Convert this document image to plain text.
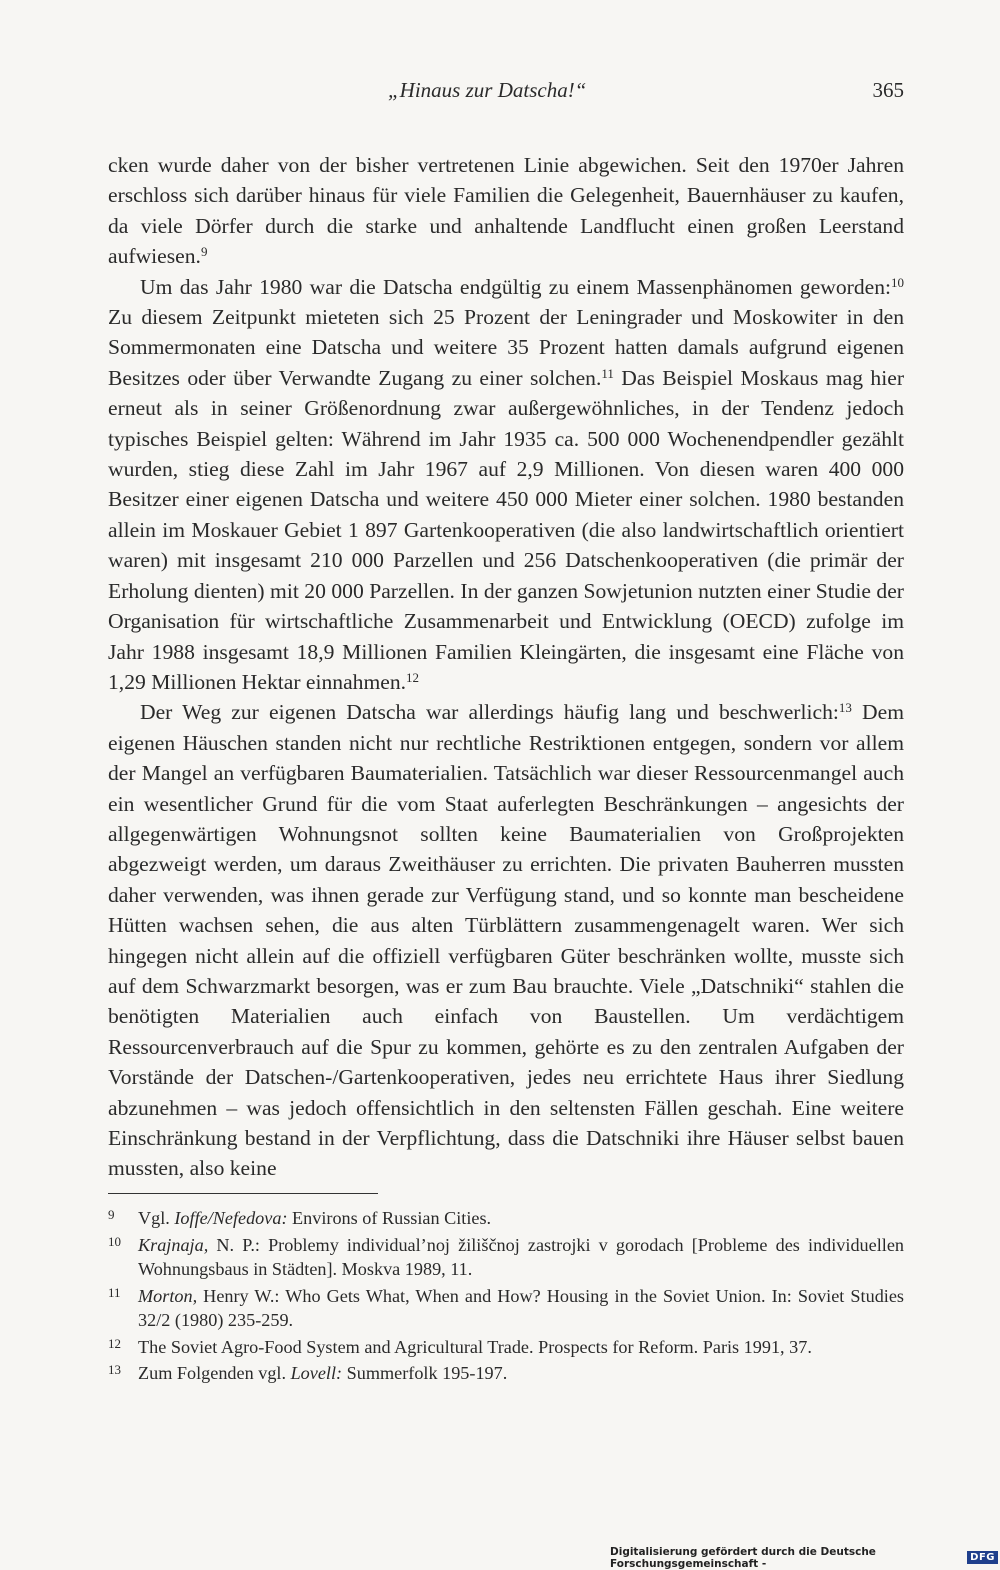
„Hinaus zur Datscha!“	365

cken wurde daher von der bisher vertretenen Linie abgewichen. Seit den 1970er Jahren erschloss sich darüber hinaus für viele Familien die Gelegenheit, Bauernhäuser zu kaufen, da viele Dörfer durch die starke und anhaltende Landflucht einen großen Leerstand aufwiesen.$^9$

Um das Jahr 1980 war die Datscha endgültig zu einem Massenphänomen geworden:$^{10}$ Zu diesem Zeitpunkt mieteten sich 25 Prozent der Leningrader und Moskowiter in den Sommermonaten eine Datscha und weitere 35 Prozent hatten damals aufgrund eigenen Besitzes oder über Verwandte Zugang zu einer solchen.$^{11}$ Das Beispiel Moskaus mag hier erneut als in seiner Größenordnung zwar außergewöhnliches, in der Tendenz jedoch typisches Beispiel gelten: Während im Jahr 1935 ca. 500 000 Wochenendpendler gezählt wurden, stieg diese Zahl im Jahr 1967 auf 2,9 Millionen. Von diesen waren 400 000 Besitzer einer eigenen Datscha und weitere 450 000 Mieter einer solchen. 1980 bestanden allein im Moskauer Gebiet 1 897 Gartenkooperativen (die also landwirtschaftlich orientiert waren) mit insgesamt 210 000 Parzellen und 256 Datschenkooperativen (die primär der Erholung dienten) mit 20 000 Parzellen. In der ganzen Sowjetunion nutzten einer Studie der Organisation für wirtschaftliche Zusammenarbeit und Entwicklung (OECD) zufolge im Jahr 1988 insgesamt 18,9 Millionen Familien Kleingärten, die insgesamt eine Fläche von 1,29 Millionen Hektar einnahmen.$^{12}$

Der Weg zur eigenen Datscha war allerdings häufig lang und beschwerlich:$^{13}$ Dem eigenen Häuschen standen nicht nur rechtliche Restriktionen entgegen, sondern vor allem der Mangel an verfügbaren Baumaterialien. Tatsächlich war dieser Ressourcenmangel auch ein wesentlicher Grund für die vom Staat auferlegten Beschränkungen – angesichts der allgegenwärtigen Wohnungsnot sollten keine Baumaterialien von Großprojekten abgezweigt werden, um daraus Zweithäuser zu errichten. Die privaten Bauherren mussten daher verwenden, was ihnen gerade zur Verfügung stand, und so konnte man bescheidene Hütten wachsen sehen, die aus alten Türblättern zusammengenagelt waren. Wer sich hingegen nicht allein auf die offiziell verfügbaren Güter beschränken wollte, musste sich auf dem Schwarzmarkt besorgen, was er zum Bau brauchte. Viele „Datschniki“ stahlen die benötigten Materialien auch einfach von Baustellen. Um verdächtigem Ressourcenverbrauch auf die Spur zu kommen, gehörte es zu den zentralen Aufgaben der Vorstände der Datschen-/Gartenkooperativen, jedes neu errichtete Haus ihrer Siedlung abzunehmen – was jedoch offensichtlich in den seltensten Fällen geschah. Eine weitere Einschränkung bestand in der Verpflichtung, dass die Datschniki ihre Häuser selbst bauen mussten, also keine

9 Vgl. Ioffe/Nefedova: Environs of Russian Cities.
10 Krajnaja, N. P.: Problemy individual’noj žiliščnoj zastrojki v gorodach [Probleme des individuellen Wohnungsbaus in Städten]. Moskva 1989, 11.
11 Morton, Henry W.: Who Gets What, When and How? Housing in the Soviet Union. In: Soviet Studies 32/2 (1980) 235-259.
12 The Soviet Agro-Food System and Agricultural Trade. Prospects for Reform. Paris 1991, 37.
13 Zum Folgenden vgl. Lovell: Summerfolk 195-197.
Digitalisierung gefördert durch die Deutsche Forschungsgemeinschaft -	DFG
